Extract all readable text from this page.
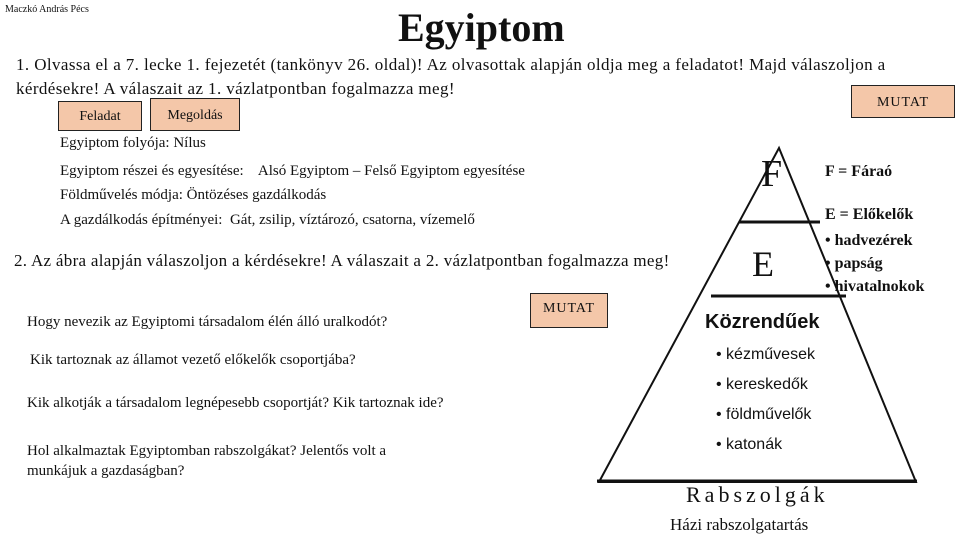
Maczkó András Pécs	Egyiptom
1. Olvassa el a 7. lecke 1. fejezetét (tankönyv 26. oldal)! Az olvasottak alapján oldja meg a feladatot! Majd válaszoljon a kérdésekre! A válaszait az 1. vázlatpontban fogalmazza meg!
MUTAT
Feladat	Megoldás
Egyiptom folyója: Nílus
Egyiptom részei és egyesítése: Alsó Egyiptom – Felső Egyiptom egyesítése
Földművelés módja: Öntözéses gazdálkodás
A gazdálkodás építményei: Gát, zsilip, víztározó, csatorna, vízemelő
2. Az ábra alapján válaszoljon a kérdésekre! A válaszait a 2. vázlatpontban fogalmazza meg!
MUTAT
Hogy nevezik az Egyiptomi társadalom élén álló uralkodót?
Kik tartoznak az államot vezető előkelők csoportjába?
Kik alkotják a társadalom legnépesebb csoportját? Kik tartoznak ide?
Hol alkalmaztak Egyiptomban rabszolgákat? Jelentős volt a munkájuk a gazdaságban?
F
E
F = Fáraó
E = Előkelők
• hadvezérek
• papság
• hivatalnokok
Közrendűek
• kézművesek
• kereskedők
• földművelők
• katonák
Rabszolgák
Házi rabszolgatartás
